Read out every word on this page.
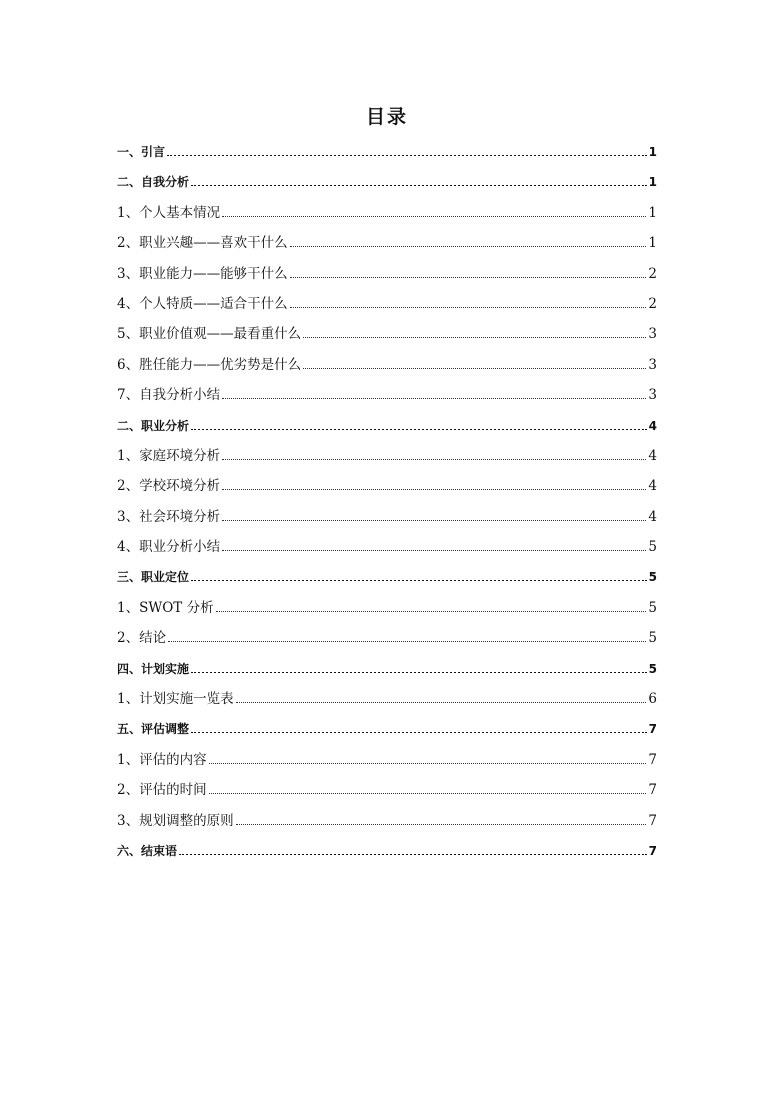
目录
一、引言	1
二、自我分析	1
1、个人基本情况	1
2、职业兴趣——喜欢干什么	1
3、职业能力——能够干什么	2
4、个人特质——适合干什么	2
5、职业价值观——最看重什么	3
6、胜任能力——优劣势是什么	3
7、自我分析小结	3
二、职业分析	4
1、家庭环境分析	4
2、学校环境分析	4
3、社会环境分析	4
4、职业分析小结	5
三、职业定位	5
1、SWOT 分析	5
2、结论	5
四、计划实施	5
1、计划实施一览表	6
五、评估调整	7
1、评估的内容	7
2、评估的时间	7
3、规划调整的原则	7
六、结束语	7
